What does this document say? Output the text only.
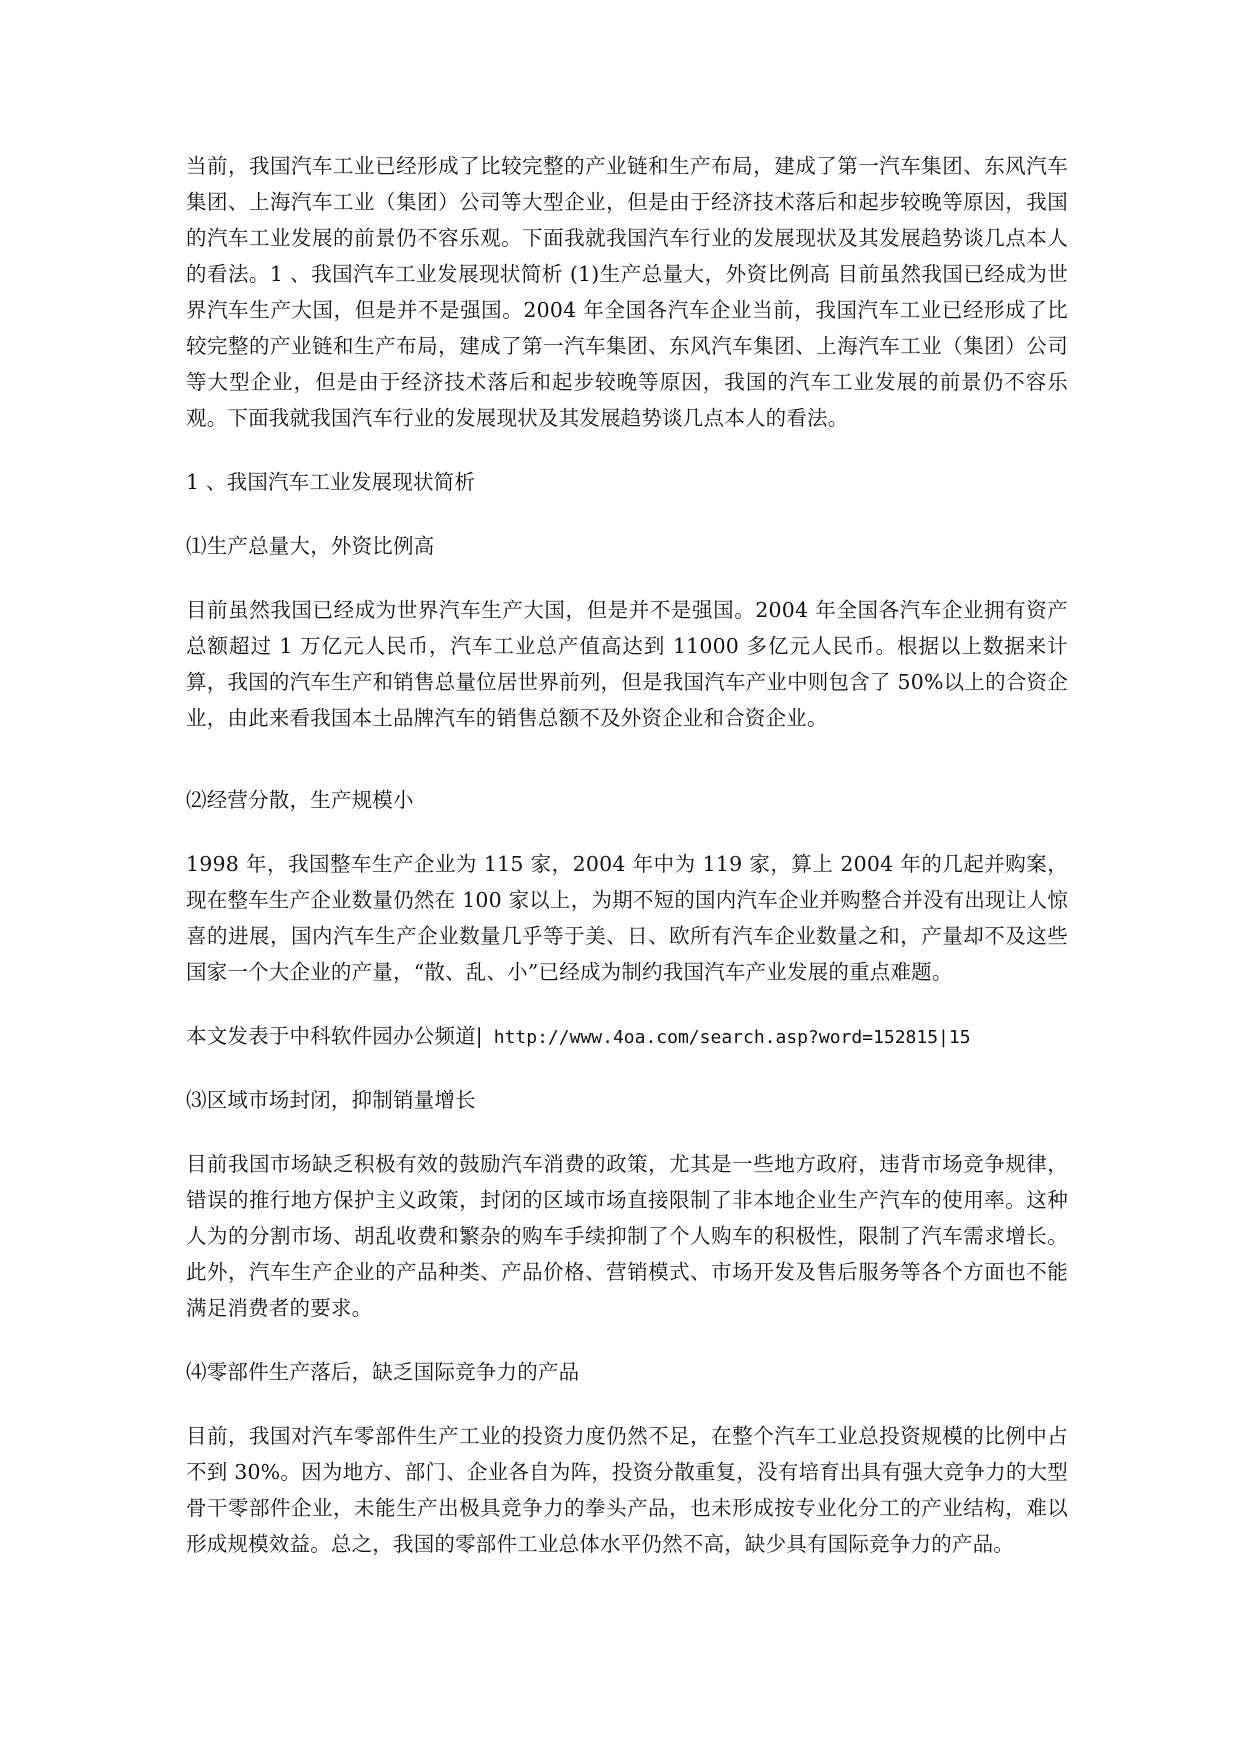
当前，我国汽车工业已经形成了比较完整的产业链和生产布局，建成了第一汽车集团、东风汽车集团、上海汽车工业（集团）公司等大型企业，但是由于经济技术落后和起步较晚等原因，我国的汽车工业发展的前景仍不容乐观。下面我就我国汽车行业的发展现状及其发展趋势谈几点本人的看法。1 、我国汽车工业发展现状简析 (1)生产总量大，外资比例高 目前虽然我国已经成为世界汽车生产大国，但是并不是强国。2004 年全国各汽车企业当前，我国汽车工业已经形成了比较完整的产业链和生产布局，建成了第一汽车集团、东风汽车集团、上海汽车工业（集团）公司等大型企业，但是由于经济技术落后和起步较晚等原因，我国的汽车工业发展的前景仍不容乐观。下面我就我国汽车行业的发展现状及其发展趋势谈几点本人的看法。

1 、我国汽车工业发展现状简析

⑴生产总量大，外资比例高

目前虽然我国已经成为世界汽车生产大国，但是并不是强国。2004 年全国各汽车企业拥有资产总额超过 1 万亿元人民币，汽车工业总产值高达到 11000 多亿元人民币。根据以上数据来计算，我国的汽车生产和销售总量位居世界前列，但是我国汽车产业中则包含了 50%以上的合资企业，由此来看我国本土品牌汽车的销售总额不及外资企业和合资企业。

⑵经营分散，生产规模小

1998 年，我国整车生产企业为 115 家，2004 年中为 119 家，算上 2004 年的几起并购案，现在整车生产企业数量仍然在 100 家以上，为期不短的国内汽车企业并购整合并没有出现让人惊喜的进展，国内汽车生产企业数量几乎等于美、日、欧所有汽车企业数量之和，产量却不及这些国家一个大企业的产量，“散、乱、小”已经成为制约我国汽车产业发展的重点难题。

本文发表于中科软件园办公频道| http://www.4oa.com/search.asp?word=152815|15

⑶区域市场封闭，抑制销量增长

目前我国市场缺乏积极有效的鼓励汽车消费的政策，尤其是一些地方政府，违背市场竞争规律，错误的推行地方保护主义政策，封闭的区域市场直接限制了非本地企业生产汽车的使用率。这种人为的分割市场、胡乱收费和繁杂的购车手续抑制了个人购车的积极性，限制了汽车需求增长。此外，汽车生产企业的产品种类、产品价格、营销模式、市场开发及售后服务等各个方面也不能满足消费者的要求。

⑷零部件生产落后，缺乏国际竞争力的产品

目前，我国对汽车零部件生产工业的投资力度仍然不足，在整个汽车工业总投资规模的比例中占不到 30%。因为地方、部门、企业各自为阵，投资分散重复，没有培育出具有强大竞争力的大型骨干零部件企业，未能生产出极具竞争力的拳头产品，也未形成按专业化分工的产业结构，难以形成规模效益。总之，我国的零部件工业总体水平仍然不高，缺少具有国际竞争力的产品。
